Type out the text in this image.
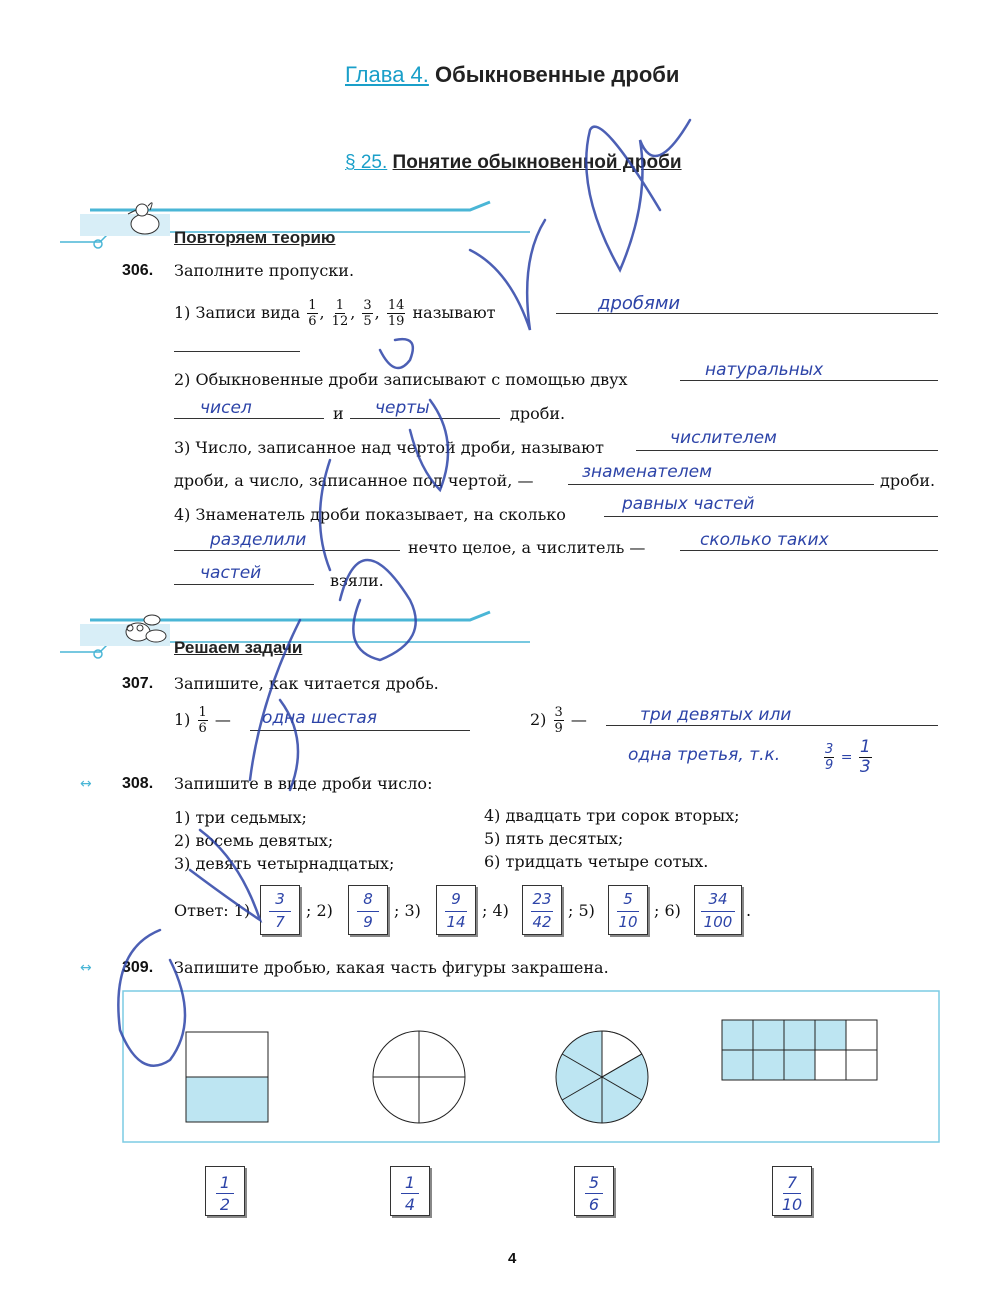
Глава 4. Обыкновенные дроби
§ 25. Понятие обыкновенной дроби
Повторяем теорию
306. Заполните пропуски.
1) Записи вида $\frac{1}{6}$ , $\frac{1}{12}$ , $\frac{3}{5}$ , $\frac{14}{19}$ называют	дробями
2) Обыкновенные дроби записывают с помощью двух	натуральных
чисел	и черты	дроби.
3) Число, записанное над чертой дроби, называют	числителем
дроби, а число, записанное под чертой, —	знаменателем	дроби.
4) Знаменатель дроби показывает, на сколько
равных частей
разделили	нечто целое, а числитель —	сколько таких
частей	взяли.
Решаем задачи
307. Запишите, как читается дробь.
$1) \frac{1}{6}$ — одна шестая	$2) \frac{3}{9}$ —	три девятых или
одна третья, т.к.	$\frac{3}{9} = \frac{1}{3}$
↔ 308. Запишите в виде дроби число:
1) три седьмых;
2) восемь девятых;
3) девять четырнадцатых;
4) двадцать три сорок вторых;
5) пять десятых;
6) тридцать четыре сотых.
Ответ: 1)
3
7
; 2)
8
9
; 3)
9
14
; 4)
23
42
; 5)
5
10
; 6)
34
100
.
↔ 309. Запишите дробью, какая часть фигуры закрашена.
1
2
1
4
5
6
7
10
4
